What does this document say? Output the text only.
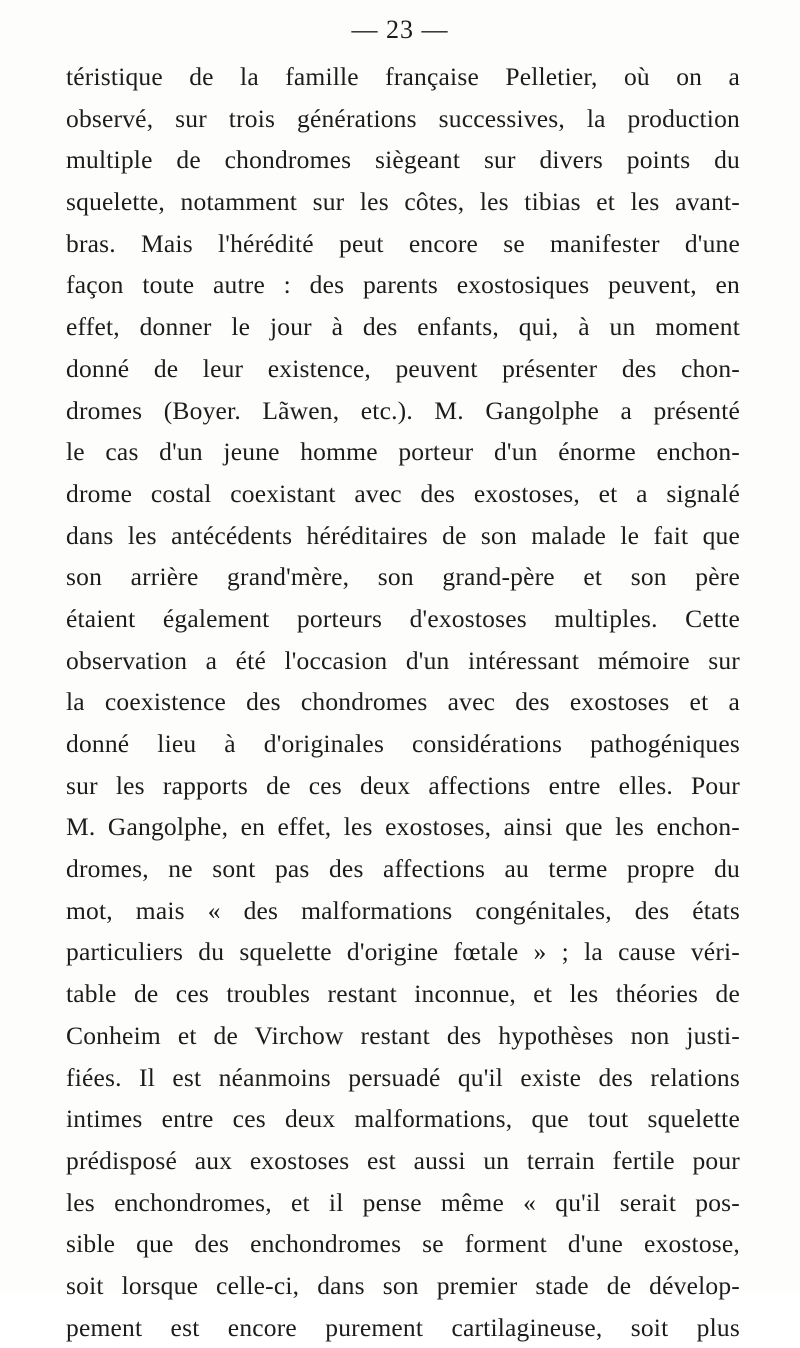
— 23 —
téristique de la famille française Pelletier, où on a
observé, sur trois générations successives, la production
multiple de chondromes siègeant sur divers points du
squelette, notamment sur les côtes, les tibias et les avant-
bras. Mais l'hérédité peut encore se manifester d'une
façon toute autre : des parents exostosiques peuvent, en
effet, donner le jour à des enfants, qui, à un moment
donné de leur existence, peuvent présenter des chon-
dromes (Boyer. Lãwen, etc.). M. Gangolphe a présenté
le cas d'un jeune homme porteur d'un énorme enchon-
drome costal coexistant avec des exostoses, et a signalé
dans les antécédents héréditaires de son malade le fait que
son arrière grand'mère, son grand-père et son père
étaient également porteurs d'exostoses multiples. Cette
observation a été l'occasion d'un intéressant mémoire sur
la coexistence des chondromes avec des exostoses et a
donné lieu à d'originales considérations pathogéniques
sur les rapports de ces deux affections entre elles. Pour
M. Gangolphe, en effet, les exostoses, ainsi que les enchon-
dromes, ne sont pas des affections au terme propre du
mot, mais « des malformations congénitales, des états
particuliers du squelette d'origine fœtale » ; la cause véri-
table de ces troubles restant inconnue, et les théories de
Conheim et de Virchow restant des hypothèses non justi-
fiées. Il est néanmoins persuadé qu'il existe des relations
intimes entre ces deux malformations, que tout squelette
prédisposé aux exostoses est aussi un terrain fertile pour
les enchondromes, et il pense même « qu'il serait pos-
sible que des enchondromes se forment d'une exostose,
soit lorsque celle-ci, dans son premier stade de dévelop-
pement est encore purement cartilagineuse, soit plus
